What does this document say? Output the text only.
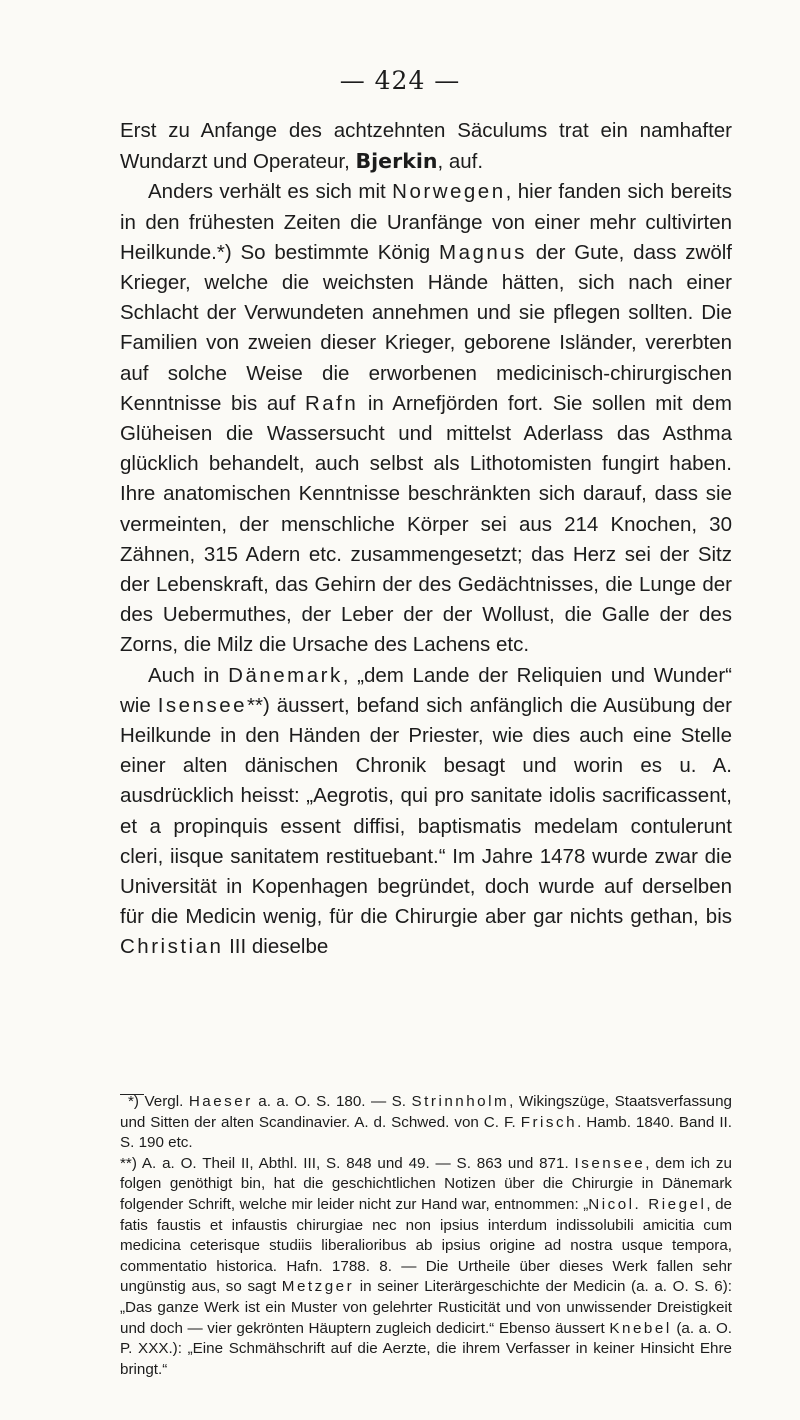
— 424 —

Erst zu Anfange des achtzehnten Säculums trat ein namhafter Wundarzt und Operateur, Bjerkin, auf.

Anders verhält es sich mit Norwegen, hier fanden sich bereits in den frühesten Zeiten die Uranfänge von einer mehr cultivirten Heilkunde.*) So bestimmte König Magnus der Gute, dass zwölf Krieger, welche die weichsten Hände hätten, sich nach einer Schlacht der Verwundeten annehmen und sie pflegen sollten. Die Familien von zweien dieser Krieger, geborene Isländer, vererbten auf solche Weise die erworbenen medicinisch-chirurgischen Kenntnisse bis auf Rafn in Arnefjörden fort. Sie sollen mit dem Glüheisen die Wassersucht und mittelst Aderlass das Asthma glücklich behandelt, auch selbst als Lithotomisten fungirt haben. Ihre anatomischen Kenntnisse beschränkten sich darauf, dass sie vermeinten, der menschliche Körper sei aus 214 Knochen, 30 Zähnen, 315 Adern etc. zusammengesetzt; das Herz sei der Sitz der Lebenskraft, das Gehirn der des Gedächtnisses, die Lunge der des Uebermuthes, der Leber der der Wollust, die Galle der des Zorns, die Milz die Ursache des Lachens etc.

Auch in Dänemark, „dem Lande der Reliquien und Wunder“ wie Isensee**) äussert, befand sich anfänglich die Ausübung der Heilkunde in den Händen der Priester, wie dies auch eine Stelle einer alten dänischen Chronik besagt und worin es u. A. ausdrücklich heisst: „Aegrotis, qui pro sanitate idolis sacrificassent, et a propinquis essent diffisi, baptismatis medelam contulerunt cleri, iisque sanitatem restituebant.“ Im Jahre 1478 wurde zwar die Universität in Kopenhagen begründet, doch wurde auf derselben für die Medicin wenig, für die Chirurgie aber gar nichts gethan, bis Christian III dieselbe

*) Vergl. Haeser a. a. O. S. 180. — S. Strinnholm, Wikingszüge, Staatsverfassung und Sitten der alten Scandinavier. A. d. Schwed. von C. F. Frisch. Hamb. 1840. Band II. S. 190 etc.

**) A. a. O. Theil II, Abthl. III, S. 848 und 49. — S. 863 und 871. Isensee, dem ich zu folgen genöthigt bin, hat die geschichtlichen Notizen über die Chirurgie in Dänemark folgender Schrift, welche mir leider nicht zur Hand war, entnommen: „Nicol. Riegel, de fatis faustis et infaustis chirurgiae nec non ipsius interdum indissolubili amicitia cum medicina ceterisque studiis liberalioribus ab ipsius origine ad nostra usque tempora, commentatio historica. Hafn. 1788. 8. — Die Urtheile über dieses Werk fallen sehr ungünstig aus, so sagt Metzger in seiner Literärgeschichte der Medicin (a. a. O. S. 6): „Das ganze Werk ist ein Muster von gelehrter Rusticität und von unwissender Dreistigkeit und doch — vier gekrönten Häuptern zugleich dedicirt.“ Ebenso äussert Knebel (a. a. O. P. XXX.): „Eine Schmähschrift auf die Aerzte, die ihrem Verfasser in keiner Hinsicht Ehre bringt.“
